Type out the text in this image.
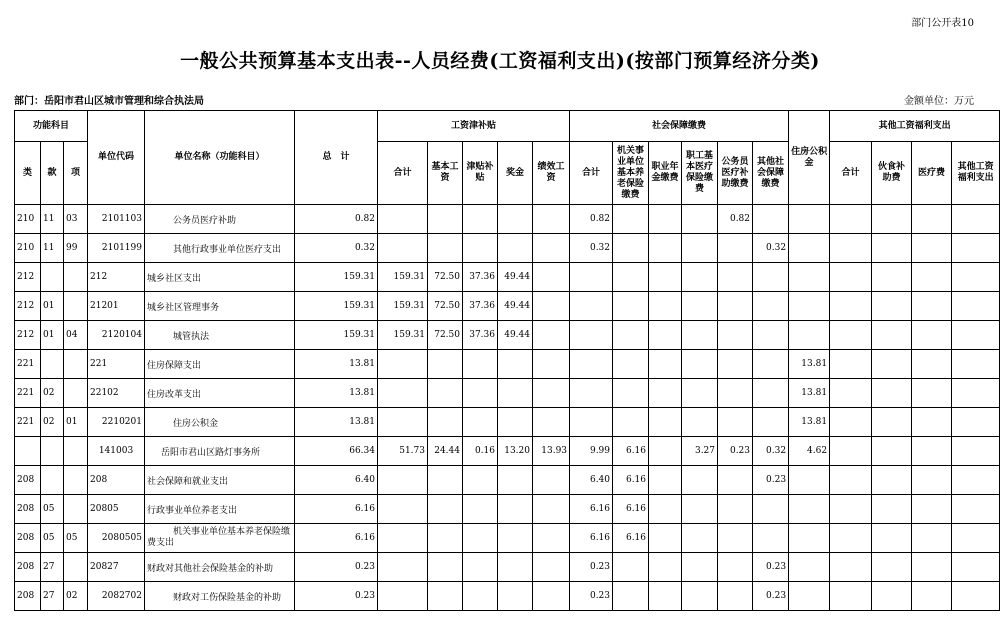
部门公开表10
一般公共预算基本支出表--人员经费(工资福利支出)(按部门预算经济分类)
部门：岳阳市君山区城市管理和综合执法局	金额单位：万元
功能科目			单位代码	单位名称（功能科目）	总　计	工资津补贴					社会保障缴费						住房公积金	其他工资福利支出			
类	款	项				合计	基本工资	津贴补贴	奖金	绩效工资	合计	机关事业单位基本养老保险缴费	职业年金缴费	职工基本医疗保险缴费	公务员医疗补助缴费	其他社会保障缴费		合计	伙食补助费	医疗费	其他工资福利支出
210	11	03	2101103	公务员医疗补助	0.82						0.82				0.82						
210	11	99	2101199	其他行政事业单位医疗支出	0.32						0.32					0.32					
212			212	城乡社区支出	159.31	159.31	72.50	37.36	49.44												
212	01		21201	城乡社区管理事务	159.31	159.31	72.50	37.36	49.44												
212	01	04	2120104	城管执法	159.31	159.31	72.50	37.36	49.44												
221			221	住房保障支出	13.81												13.81				
221	02		22102	住房改革支出	13.81												13.81				
221	02	01	2210201	住房公积金	13.81												13.81				
			141003	岳阳市君山区路灯事务所	66.34	51.73	24.44	0.16	13.20	13.93	9.99	6.16		3.27	0.23	0.32	4.62				
208			208	社会保障和就业支出	6.40						6.40	6.16				0.23					
208	05		20805	行政事业单位养老支出	6.16						6.16	6.16									
208	05	05	2080505	机关事业单位基本养老保险缴费支出	6.16						6.16	6.16									
208	27		20827	财政对其他社会保险基金的补助	0.23						0.23					0.23					
208	27	02	2082702	财政对工伤保险基金的补助	0.23						0.23					0.23					
